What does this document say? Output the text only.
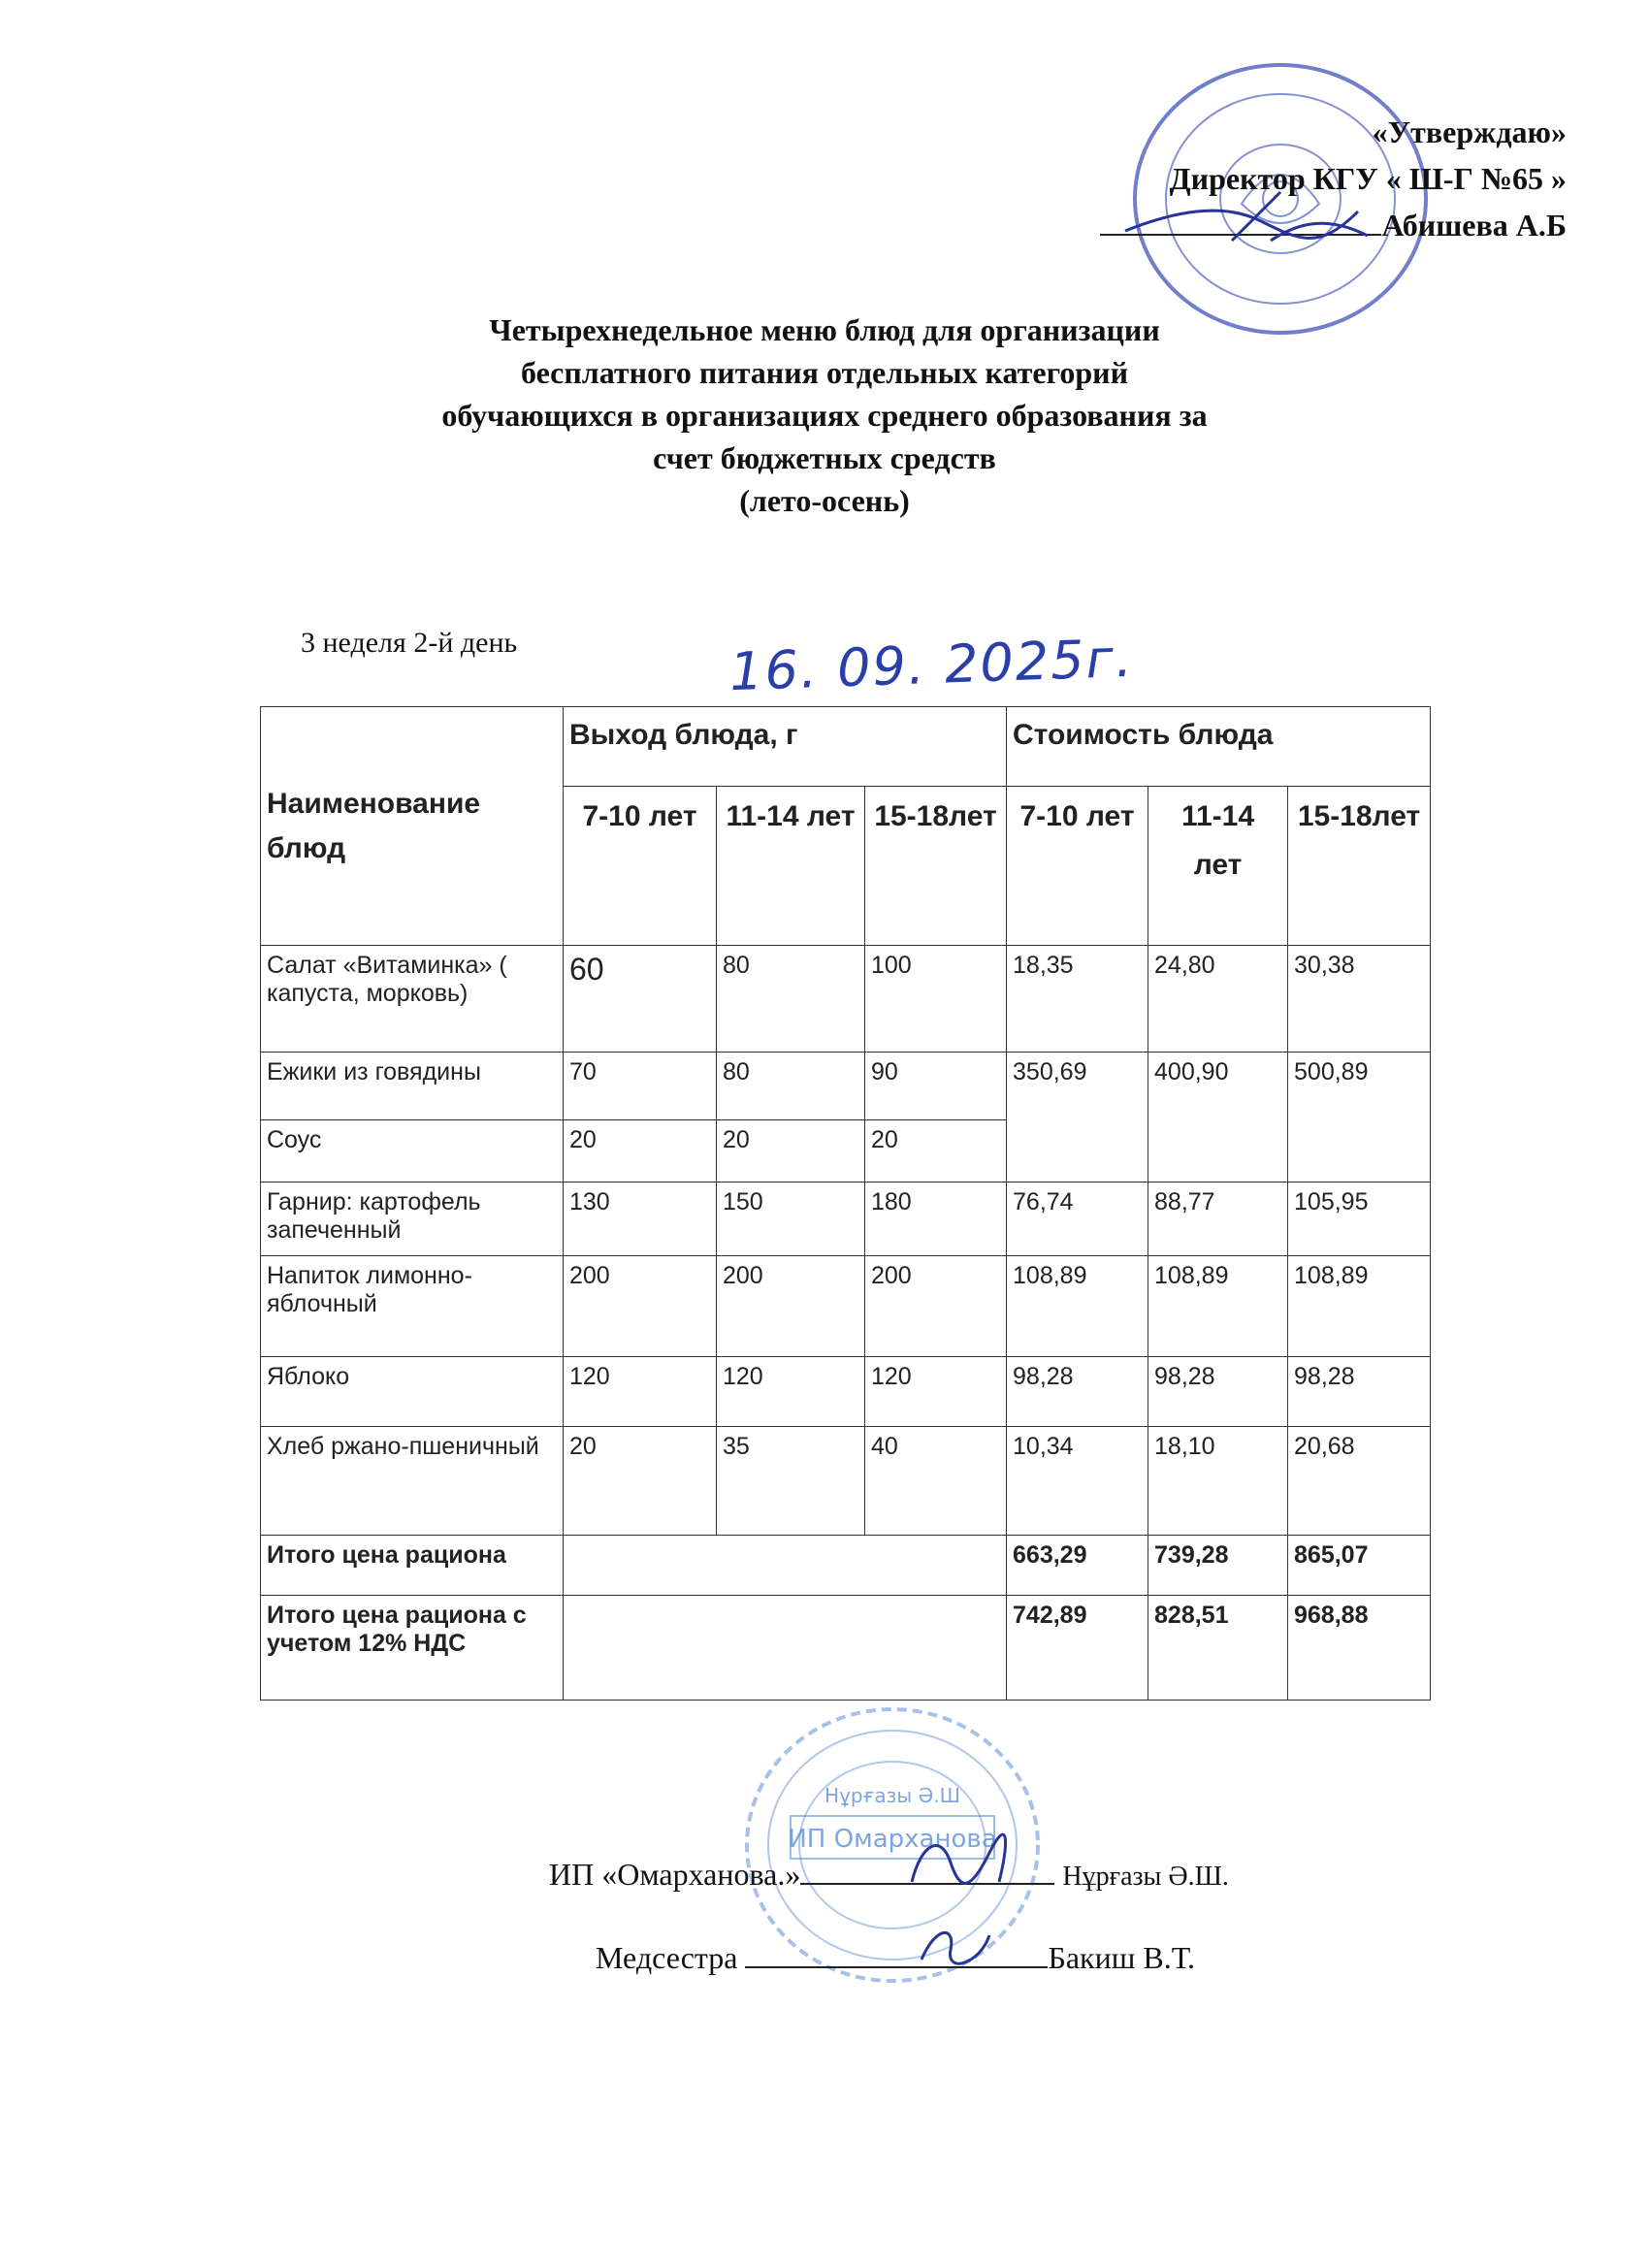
«Утверждаю»
Директор КГУ « Ш-Г №65 »
Абишева А.Б
Четырехнедельное меню блюд для организации
бесплатного питания отдельных категорий
обучающихся в организациях среднего образования за
счет бюджетных средств
(лето-осень)
3 неделя 2-й день	16. 09. 2025г.
Наименование блюд	Выход блюда, г			Стоимость блюда		
	7-10 лет	11-14 лет	15-18лет	7-10 лет	11-14 лет	15-18лет
Салат «Витаминка» ( капуста, морковь)	60	80	100	18,35	24,80	30,38
Ежики из говядины	70	80	90	350,69	400,90	500,89
Соус	20	20	20			
Гарнир: картофель запеченный	130	150	180	76,74	88,77	105,95
Напиток лимонно-яблочный	200	200	200	108,89	108,89	108,89
Яблоко	120	120	120	98,28	98,28	98,28
Хлеб ржано-пшеничный	20	35	40	10,34	18,10	20,68
Итого цена рациона				663,29	739,28	865,07
Итого цена рациона с учетом 12% НДС				742,89	828,51	968,88
ИП Омарханова
Нұрғазы Ә.Ш
ИП «Омарханова.»	Нұрғазы Ә.Ш.
Медсестра	Бакиш В.Т.
